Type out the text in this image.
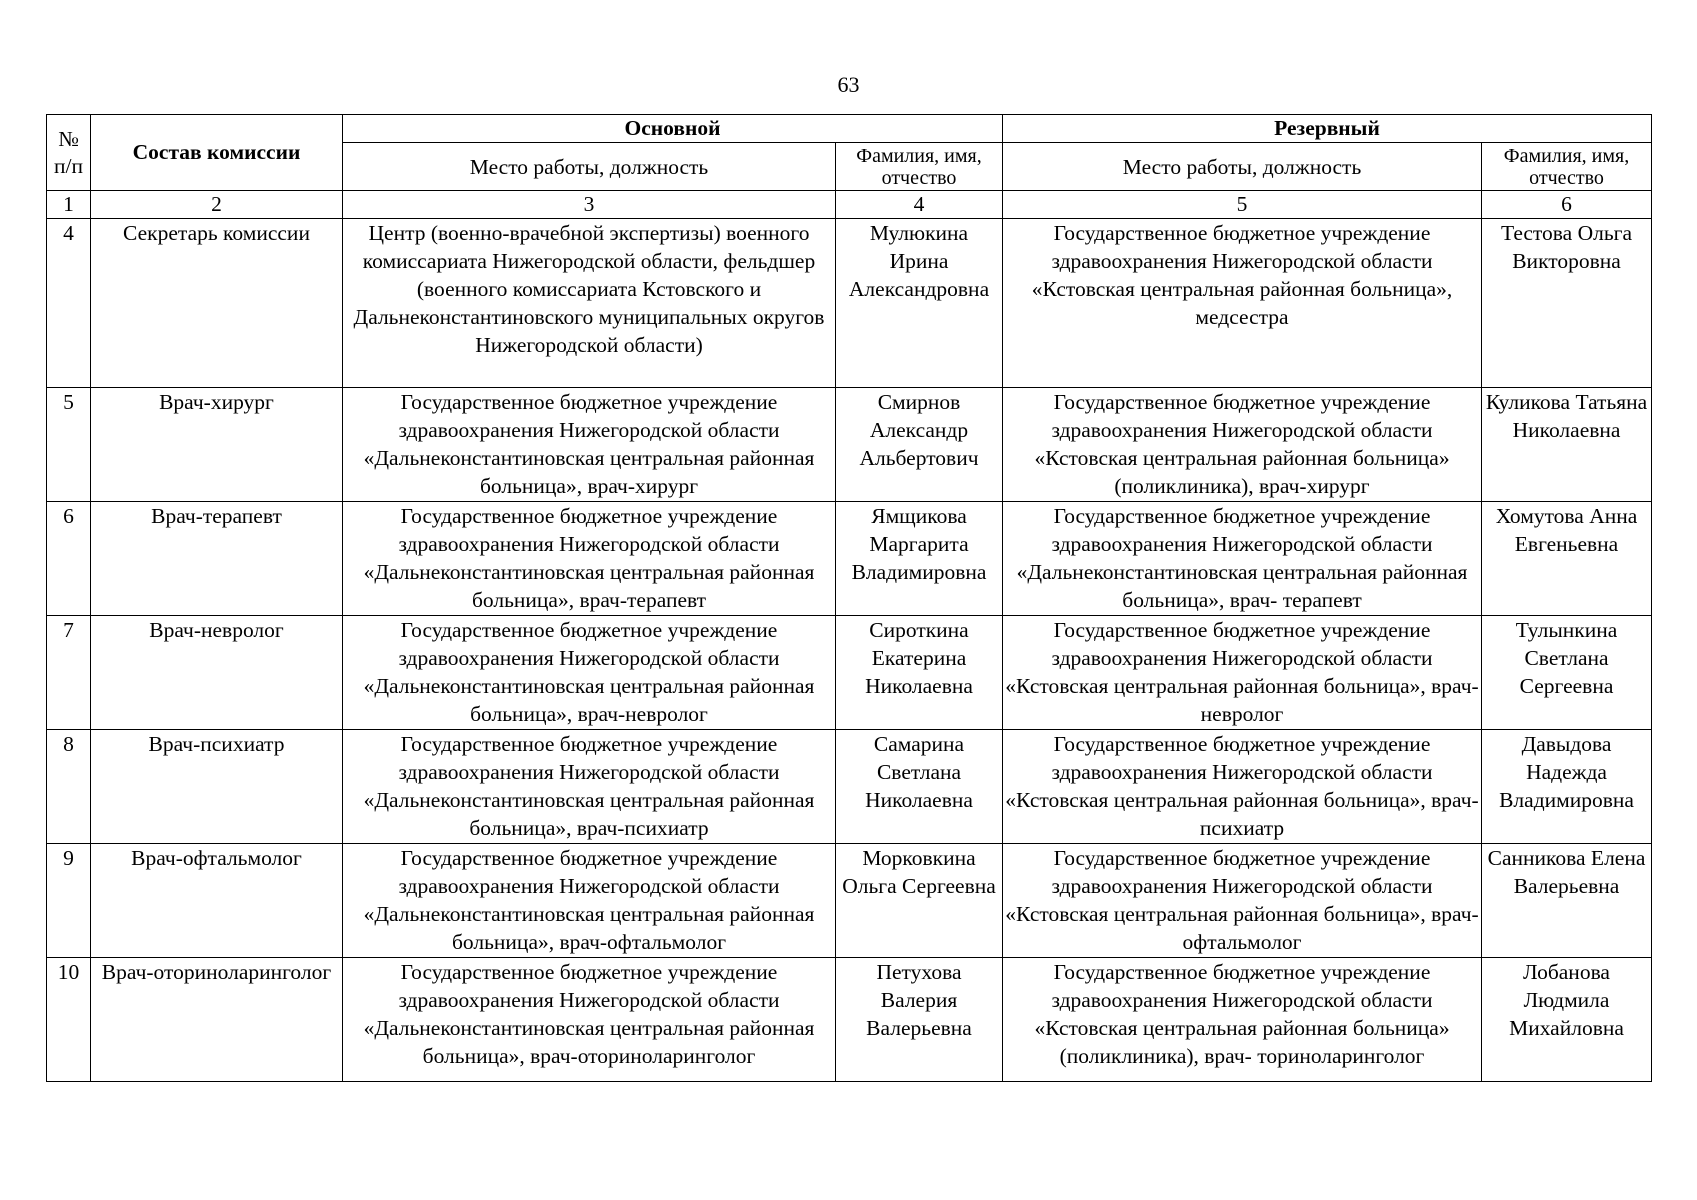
63
№ п/п	Состав комиссии	Основной		Резервный	
		Место работы, должность	Фамилия, имя, отчество	Место работы, должность	Фамилия, имя, отчество
1	2	3	4	5	6
4	Секретарь комиссии	Центр (военно-врачебной экспертизы) военного комиссариата Нижегородской области, фельдшер (военного комиссариата Кстовского и Дальнеконстантиновского муниципальных округов Нижегородской области)	Мулюкина Ирина Александровна	Государственное бюджетное учреждение здравоохранения Нижегородской области «Кстовская центральная районная больница», медсестра	Тестова Ольга Викторовна
5	Врач-хирург	Государственное бюджетное учреждение здравоохранения Нижегородской области «Дальнеконстантиновская центральная районная больница», врач-хирург	Смирнов Александр Альбертович	Государственное бюджетное учреждение здравоохранения Нижегородской области «Кстовская центральная районная больница» (поликлиника), врач-хирург	Куликова Татьяна Николаевна
6	Врач-терапевт	Государственное бюджетное учреждение здравоохранения Нижегородской области «Дальнеконстантиновская центральная районная больница», врач-терапевт	Ямщикова Маргарита Владимировна	Государственное бюджетное учреждение здравоохранения Нижегородской области «Дальнеконстантиновская центральная районная больница», врач- терапевт	Хомутова Анна Евгеньевна
7	Врач-невролог	Государственное бюджетное учреждение здравоохранения Нижегородской области «Дальнеконстантиновская центральная районная больница», врач-невролог	Сироткина Екатерина Николаевна	Государственное бюджетное учреждение здравоохранения Нижегородской области «Кстовская центральная районная больница», врач-невролог	Тулынкина Светлана Сергеевна
8	Врач-психиатр	Государственное бюджетное учреждение здравоохранения Нижегородской области «Дальнеконстантиновская центральная районная больница», врач-психиатр	Самарина Светлана Николаевна	Государственное бюджетное учреждение здравоохранения Нижегородской области «Кстовская центральная районная больница», врач-психиатр	Давыдова Надежда Владимировна
9	Врач-офтальмолог	Государственное бюджетное учреждение здравоохранения Нижегородской области «Дальнеконстантиновская центральная районная больница», врач-офтальмолог	Морковкина Ольга Сергеевна	Государственное бюджетное учреждение здравоохранения Нижегородской области «Кстовская центральная районная больница», врач-офтальмолог	Санникова Елена Валерьевна
10	Врач-оториноларинголог	Государственное бюджетное учреждение здравоохранения Нижегородской области «Дальнеконстантиновская центральная районная больница», врач-оториноларинголог	Петухова Валерия Валерьевна	Государственное бюджетное учреждение здравоохранения Нижегородской области «Кстовская центральная районная больница» (поликлиника), врач- ториноларинголог	Лобанова Людмила Михайловна
